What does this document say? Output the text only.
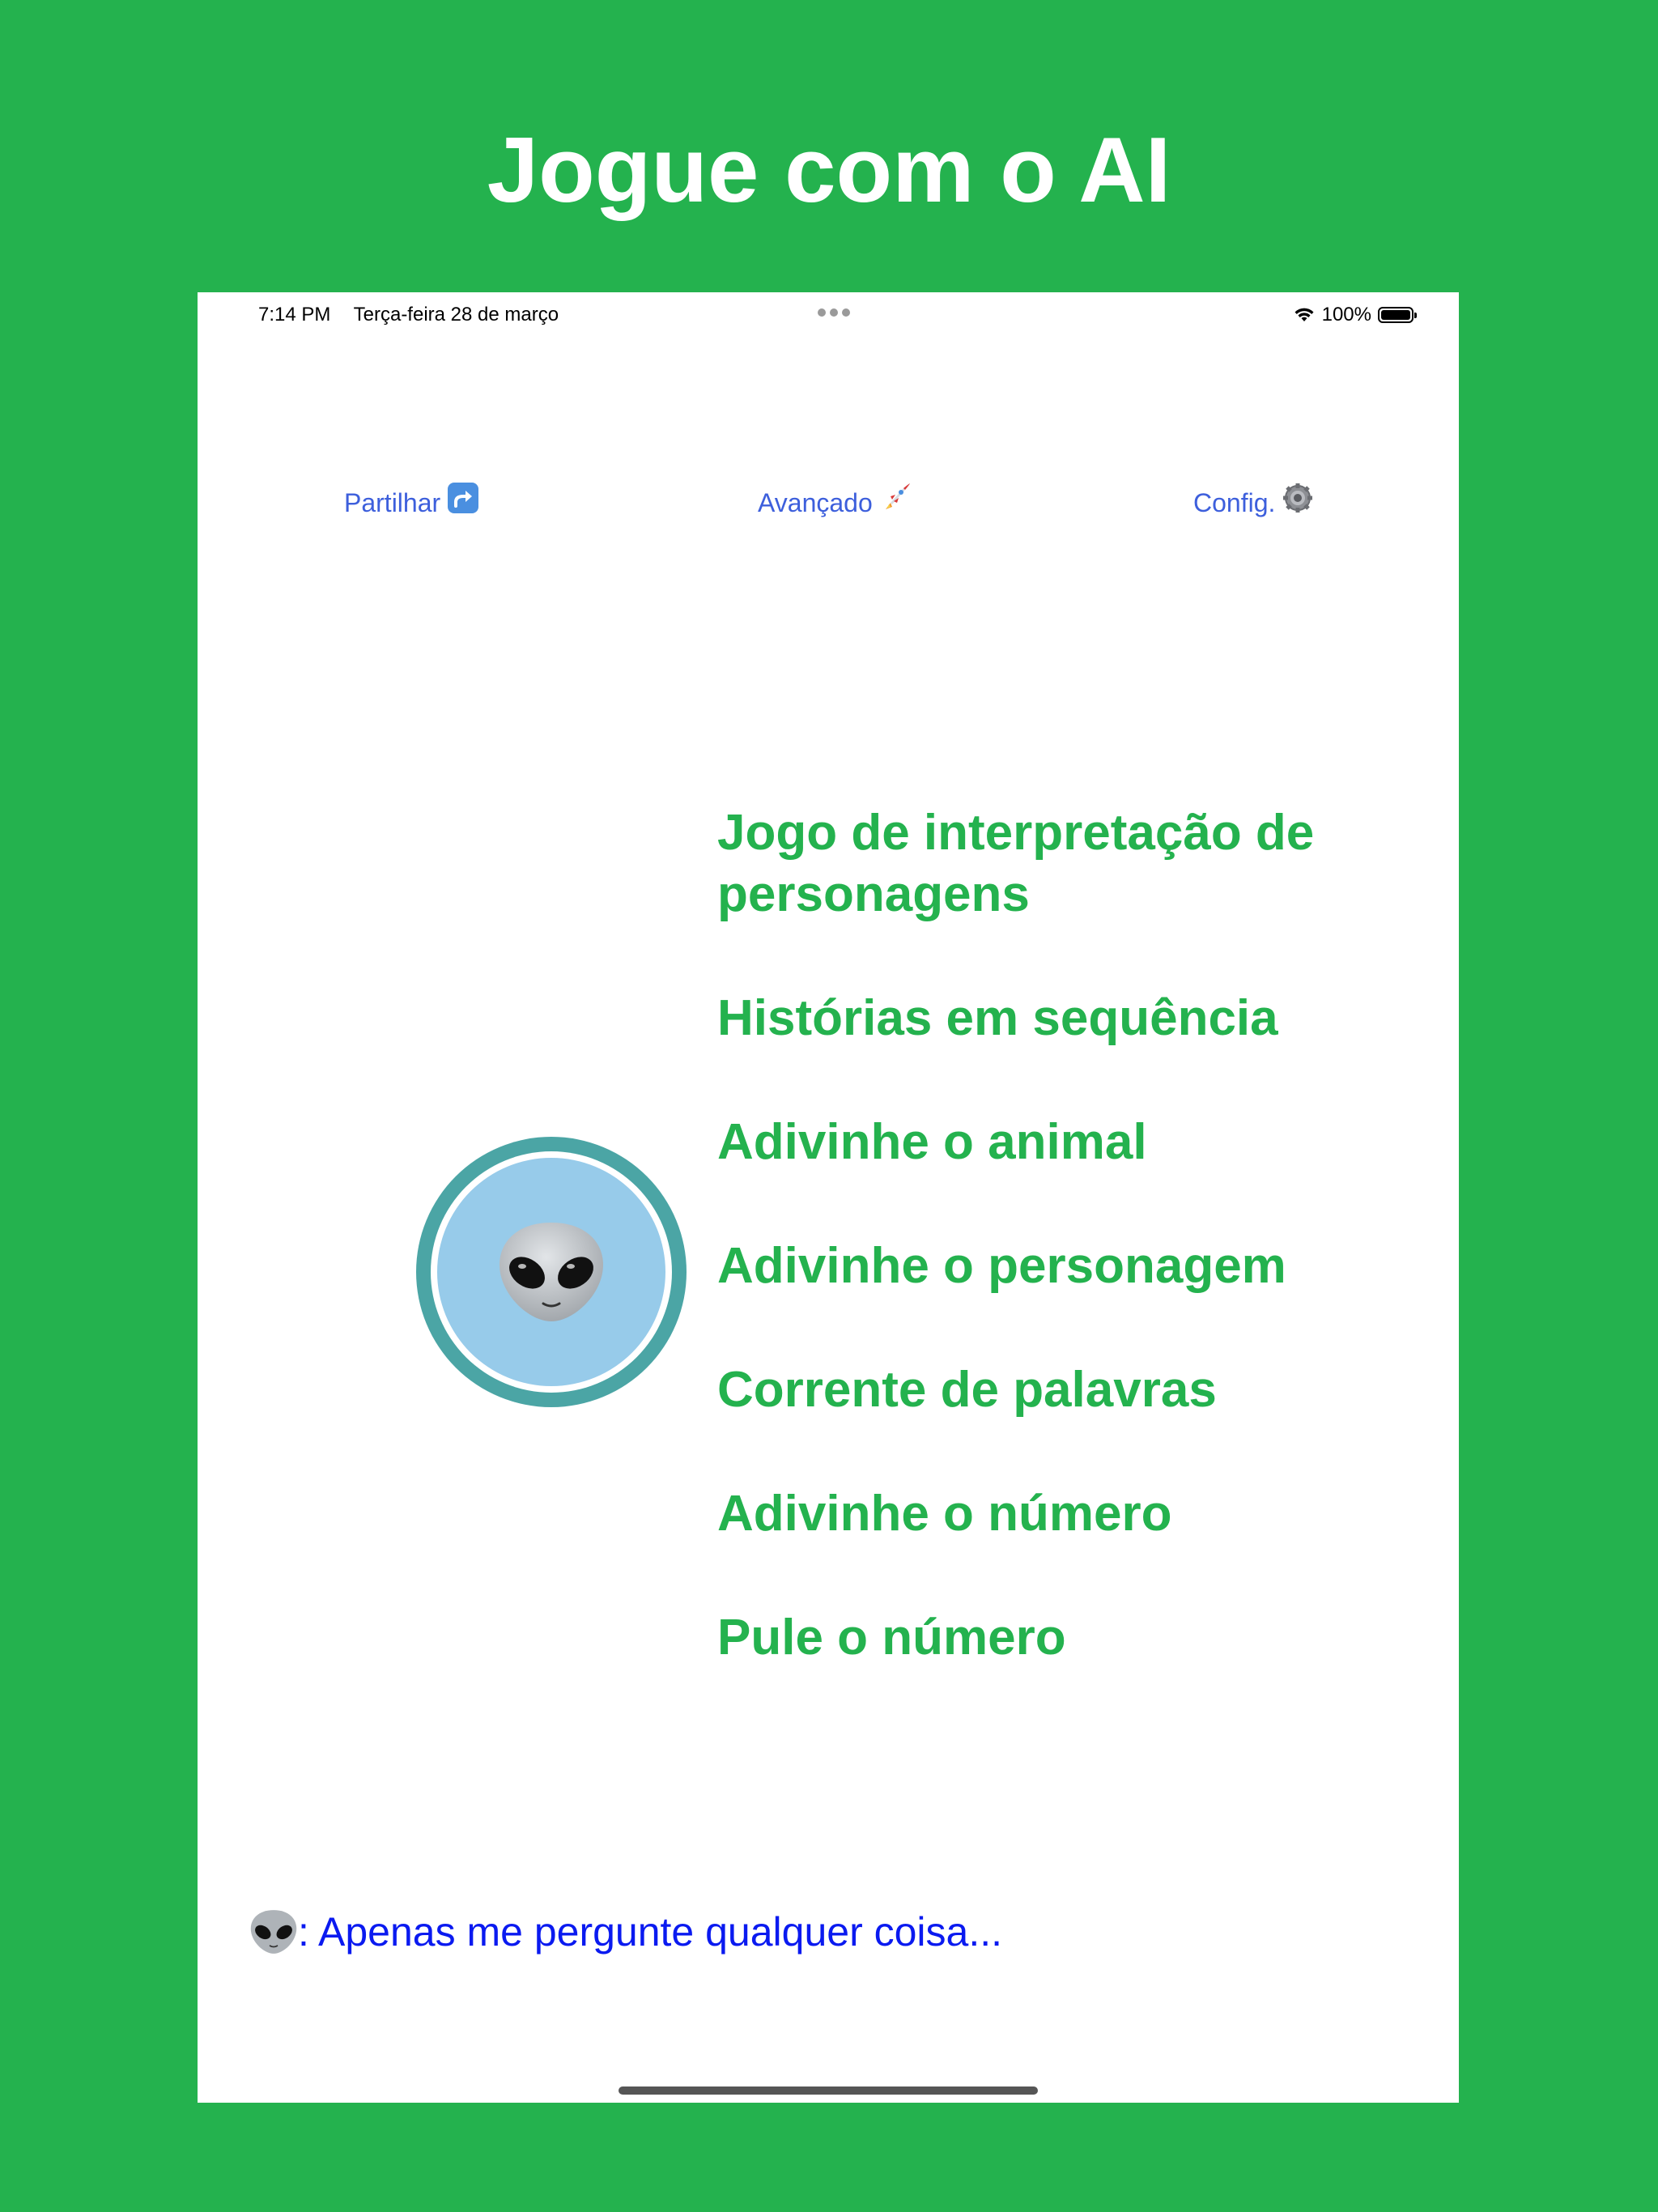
Jogue com o AI
7:14 PM Terça-feira 28 de março	100%
Partilhar	Avançado	Config.
Jogo de interpretação de personagens
Histórias em sequência
Adivinhe o animal
Adivinhe o personagem
Corrente de palavras
Adivinhe o número
Pule o número
: Apenas me pergunte qualquer coisa...
